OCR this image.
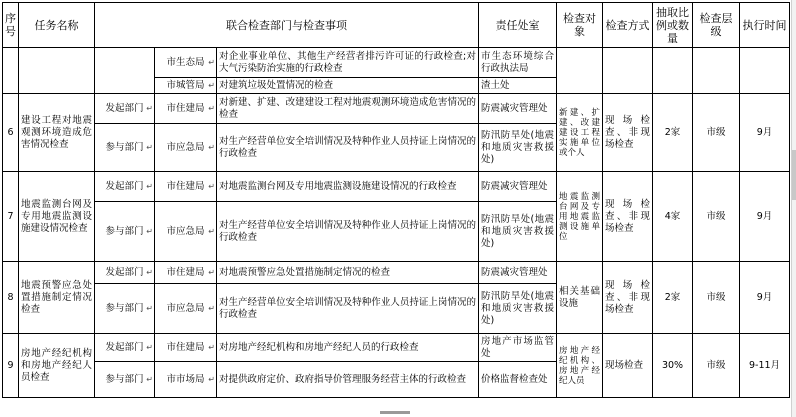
序号	任务名称	联合检查部门与检查事项			责任处室	检查对象	检查方式	抽取比例或数量	检查层级	执行时间
			市生态局 ↵	对企业事业单位、其他生产经营者排污许可证的行政检查;对大气污染防治实施的行政检查	市生态环境综合行政执法局					
			市城管局 ↵	对建筑垃圾处置情况的检查	渣土处					
6	建设工程对地震观测环境造成危害情况检查	发起部门 ↵	市住建局 ↵	对新建、扩建、改建建设工程对地震观测环境造成危害情况的检查	防震减灾管理处	新建、扩建、改建建设工程实施单位或个人	现场检查、非现场检查	2家	市级	9月
		参与部门 ↵	市应急局 ↵	对生产经营单位安全培训情况及特种作业人员持证上岗情况的行政检查	防汛防旱处(地震和地质灾害救援处)					
7	地震监测台网及专用地震监测设施建设情况检查	发起部门 ↵	市住建局 ↵	对地震监测台网及专用地震监测设施建设情况的行政检查	防震减灾管理处	地震监测台网及专用地震监测设施单位	现场检查、非现场检查	4家	市级	9月
		参与部门 ↵	市应急局 ↵	对生产经营单位安全培训情况及特种作业人员持证上岗情况的行政检查	防汛防旱处(地震和地质灾害救援处)					
8	地震预警应急处置措施制定情况检查	发起部门 ↵	市住建局 ↵	对地震预警应急处置措施制定情况的检查	防震减灾管理处	相关基础设施	现场检查、非现场检查	2家	市级	9月
		参与部门 ↵	市应急局 ↵	对生产经营单位安全培训情况及特种作业人员持证上岗情况的行政检查	防汛防旱处(地震和地质灾害救援处)					
9	房地产经纪机构和房地产经纪人员检查	发起部门 ↵	市住建局 ↵	对房地产经纪机构和房地产经纪人员的行政检查	房地产市场监管处	房地产经纪机构、房地产经纪人员	现场检查	30%	市级	9-11月
		参与部门 ↵	市市场局 ↵	对提供政府定价、政府指导价管理服务经营主体的行政检查	价格监督检查处					
